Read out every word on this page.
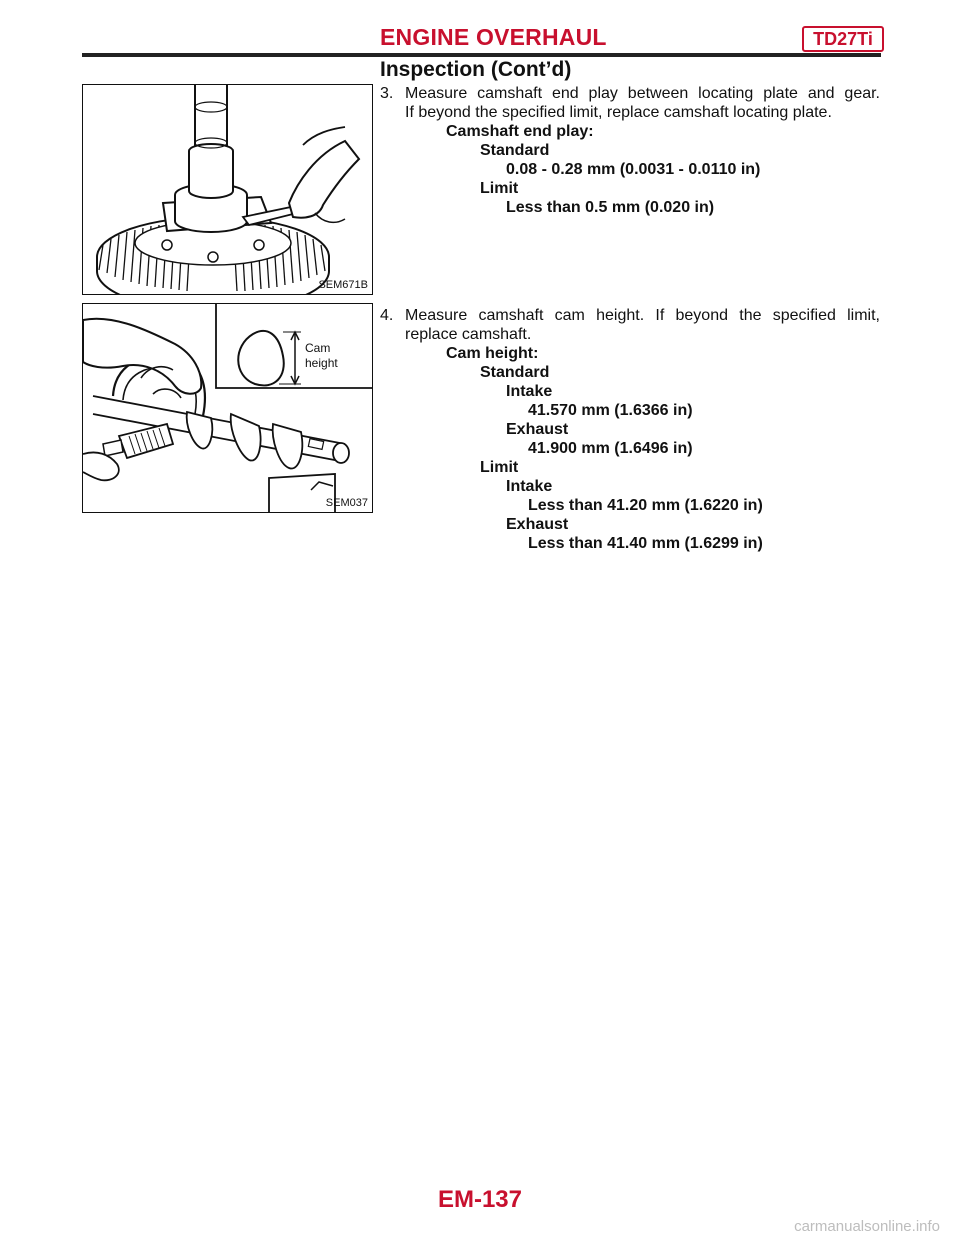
ENGINE OVERHAUL	TD27Ti
Inspection (Cont’d)
SEM671B
Cam
height
SEM037
3. Measure camshaft end play between locating plate and gear.
If beyond the specified limit, replace camshaft locating plate.
Camshaft end play:
Standard
0.08 - 0.28 mm (0.0031 - 0.0110 in)
Limit
Less than 0.5 mm (0.020 in)
4. Measure camshaft cam height. If beyond the specified limit,
replace camshaft.
Cam height:
Standard
Intake
41.570 mm (1.6366 in)
Exhaust
41.900 mm (1.6496 in)
Limit
Intake
Less than 41.20 mm (1.6220 in)
Exhaust
Less than 41.40 mm (1.6299 in)
EM-137
carmanualsonline.info
